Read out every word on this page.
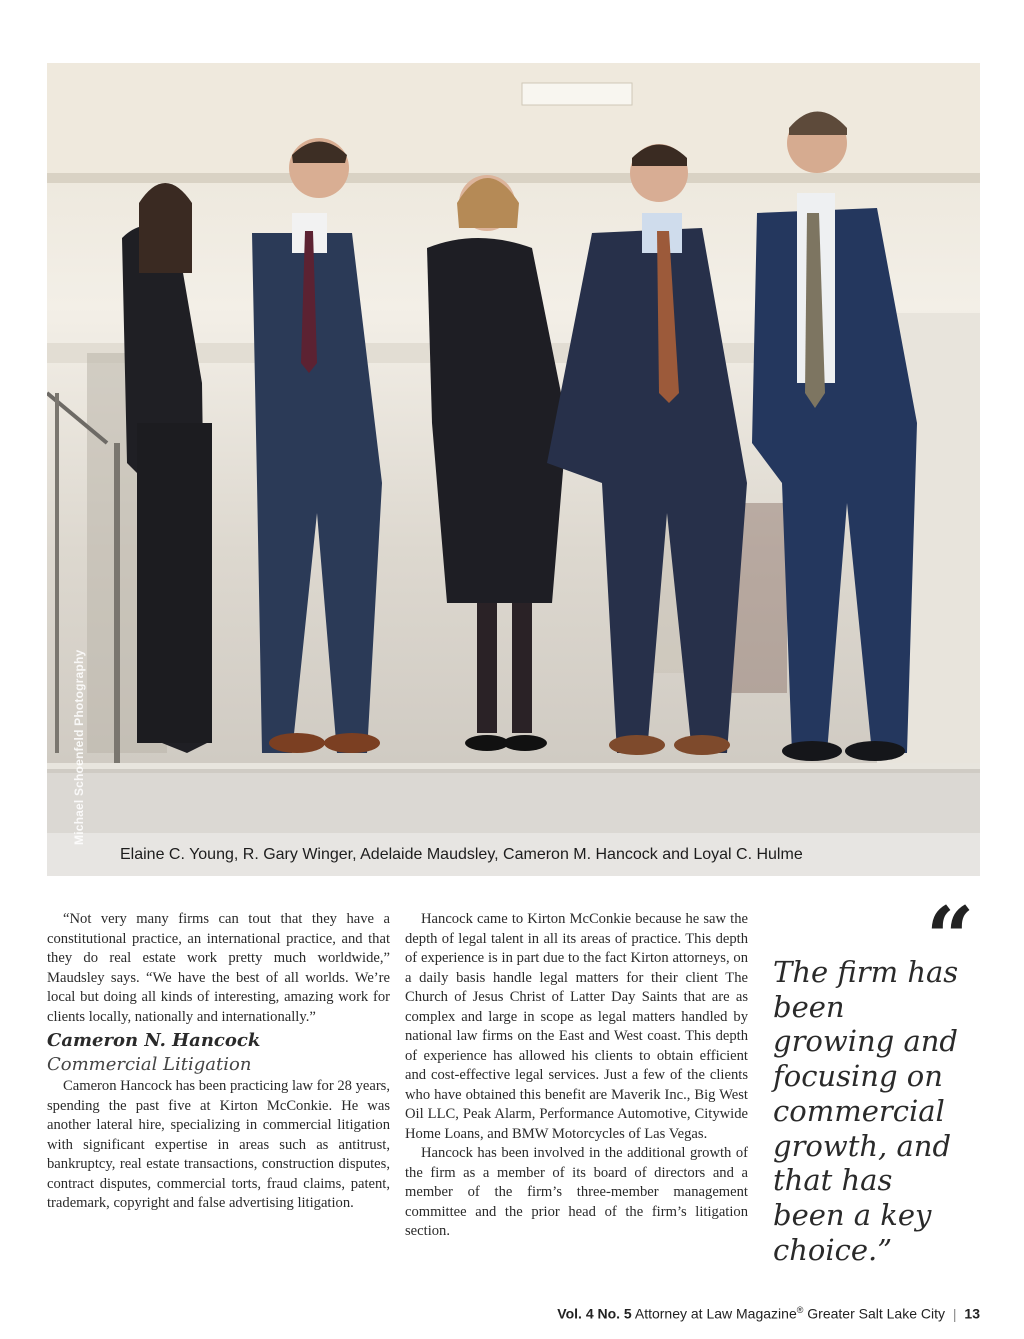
Michael Schoenfeld Photography
Elaine C. Young, R. Gary Winger, Adelaide Maudsley, Cameron M. Hancock and Loyal C. Hulme

“Not very many firms can tout that they have a constitutional practice, an international practice, and that they do real estate work pretty much worldwide,” Maudsley says. “We have the best of all worlds. We’re local but doing all kinds of interesting, amazing work for clients locally, nationally and internationally.”

Cameron N. Hancock
Commercial Litigation

Cameron Hancock has been practicing law for 28 years, spending the past five at Kirton McConkie. He was another lateral hire, specializing in commercial litigation with significant expertise in areas such as antitrust, bankruptcy, real estate transactions, construction disputes, contract disputes, commercial torts, fraud claims, patent, trademark, copyright and false advertising litigation.

Hancock came to Kirton McConkie because he saw the depth of legal talent in all its areas of practice. This depth of experience is in part due to the fact Kirton attorneys, on a daily basis handle legal matters for their client The Church of Jesus Christ of Latter Day Saints that are as complex and large in scope as legal matters handled by national law firms on the East and West coast. This depth of experience has allowed his clients to obtain efficient and cost-effective legal services. Just a few of the clients who have obtained this benefit are Maverik Inc., Big West Oil LLC, Peak Alarm, Performance Automotive, Citywide Home Loans, and BMW Motorcycles of Las Vegas.

Hancock has been involved in the additional growth of the firm as a member of its board of directors and a member of the firm’s three-member management committee and the prior head of the firm’s litigation section.

“
The firm has been growing and focusing on commercial growth, and that has been a key choice.”
Vol. 4 No. 5 Attorney at Law Magazine® Greater Salt Lake City | 13
